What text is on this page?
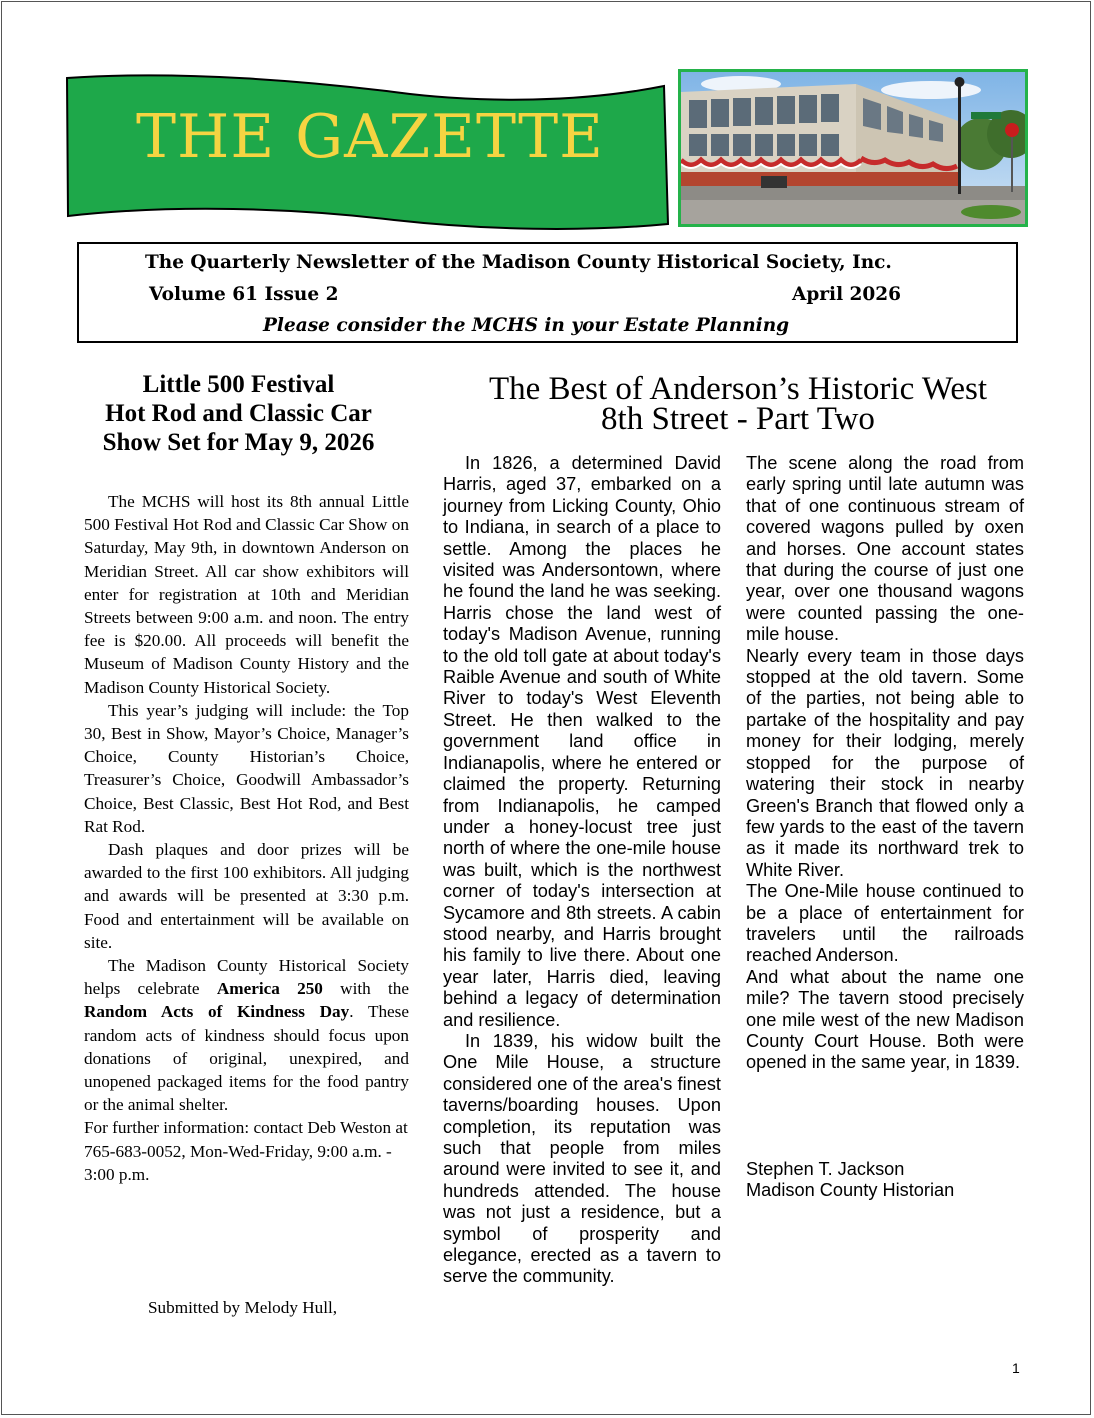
THE GAZETTE
The Quarterly Newsletter of the Madison County Historical Society, Inc.
Volume 61 Issue 2	April 2026
Please consider the MCHS in your Estate Planning
Little 500 Festival
Hot Rod and Classic Car
Show Set for May 9, 2026

The MCHS will host its 8th annual Little 500 Festival Hot Rod and Classic Car Show on Saturday, May 9th, in downtown Anderson on Meridian Street. All car show exhibitors will enter for registration at 10th and Meridian Streets between 9:00 a.m. and noon. The entry fee is $20.00. All proceeds will benefit the Museum of Madison County History and the Madison County Historical Society.

This year’s judging will include: the Top 30, Best in Show, Mayor’s Choice, Manager’s Choice, County Historian’s Choice, Treasurer’s Choice, Goodwill Ambassador’s Choice, Best Classic, Best Hot Rod, and Best Rat Rod.

Dash plaques and door prizes will be awarded to the first 100 exhibitors. All judging and awards will be presented at 3:30 p.m. Food and entertainment will be available on site.

The Madison County Historical Society helps celebrate America 250 with the Random Acts of Kindness Day. These random acts of kindness should focus upon donations of original, unexpired, and unopened packaged items for the food pantry or the animal shelter.

For further information: contact Deb Weston at 765-683-0052, Mon-Wed-Friday, 9:00 a.m. - 3:00 p.m.

Submitted by Melody Hull,
The Best of Anderson’s Historic West
8th Street - Part Two

In 1826, a determined David Harris, aged 37, embarked on a journey from Licking County, Ohio to Indiana, in search of a place to settle. Among the places he visited was Andersontown, where he found the land he was seeking. Harris chose the land west of today's Madison Avenue, running to the old toll gate at about today's Raible Avenue and south of White River to today's West Eleventh Street. He then walked to the government land office in Indianapolis, where he entered or claimed the property. Returning from Indianapolis, he camped under a honey-locust tree just north of where the one-mile house was built, which is the northwest corner of today's intersection at Sycamore and 8th streets. A cabin stood nearby, and Harris brought his family to live there. About one year later, Harris died, leaving behind a legacy of determination and resilience.

In 1839, his widow built the One Mile House, a structure considered one of the area's finest taverns/boarding houses. Upon completion, its reputation was such that people from miles around were invited to see it, and hundreds attended. The house was not just a residence, but a symbol of prosperity and elegance, erected as a tavern to serve the community.

The scene along the road from early spring until late autumn was that of one continuous stream of covered wagons pulled by oxen and horses. One account states that during the course of just one year, over one thousand wagons were counted passing the one-mile house.

Nearly every team in those days stopped at the old tavern. Some of the parties, not being able to partake of the hospitality and pay money for their lodging, merely stopped for the purpose of watering their stock in nearby Green's Branch that flowed only a few yards to the east of the tavern as it made its northward trek to White River.

The One-Mile house continued to be a place of entertainment for travelers until the railroads reached Anderson.

And what about the name one mile? The tavern stood precisely one mile west of the new Madison County Court House. Both were opened in the same year, in 1839.

Stephen T. Jackson
Madison County Historian
1
